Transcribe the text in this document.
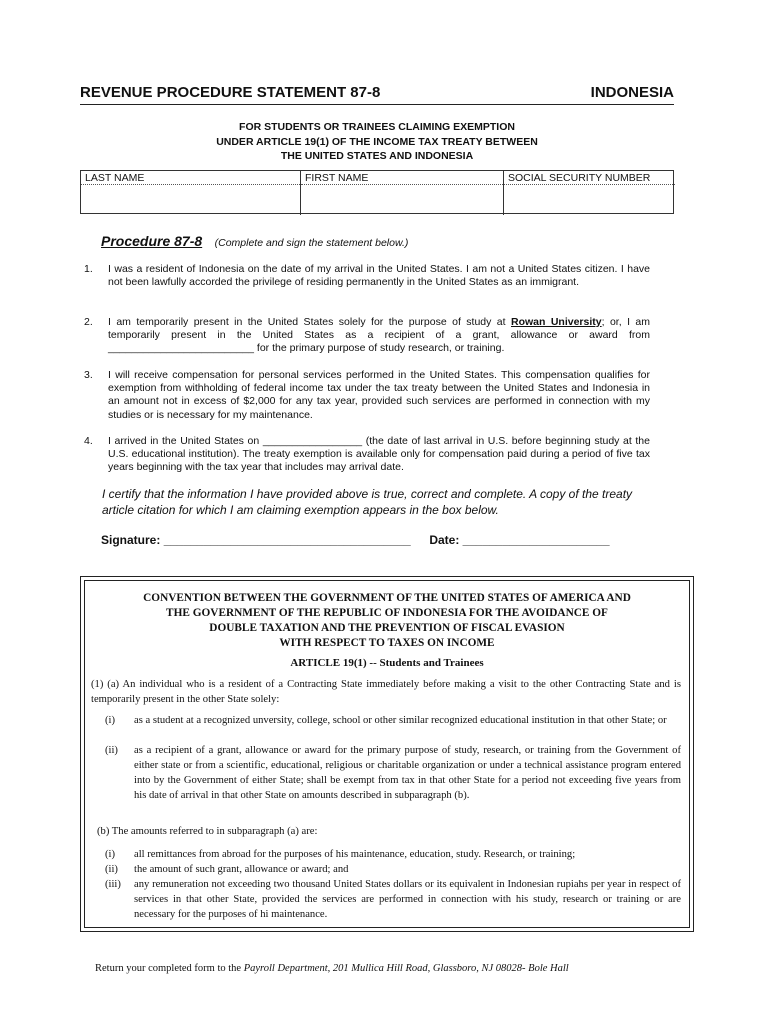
REVENUE PROCEDURE STATEMENT 87-8	INDONESIA
FOR STUDENTS OR TRAINEES CLAIMING EXEMPTION
UNDER ARTICLE 19(1) OF THE INCOME TAX TREATY BETWEEN
THE UNITED STATES AND INDONESIA
LAST NAME	FIRST NAME	SOCIAL SECURITY NUMBER
Procedure 87-8 (Complete and sign the statement below.)
1. I was a resident of Indonesia on the date of my arrival in the United States. I am not a United States citizen. I have not been lawfully accorded the privilege of residing permanently in the United States as an immigrant.
2. I am temporarily present in the United States solely for the purpose of study at Rowan University; or, I am temporarily present in the United States as a recipient of a grant, allowance or award from _________________________ for the primary purpose of study research, or training.
3. I will receive compensation for personal services performed in the United States. This compensation qualifies for exemption from withholding of federal income tax under the tax treaty between the United States and Indonesia in an amount not in excess of $2,000 for any tax year, provided such services are performed in connection with my studies or is necessary for my maintenance.
4. I arrived in the United States on _________________ (the date of last arrival in U.S. before beginning study at the U.S. educational institution). The treaty exemption is available only for compensation paid during a period of five tax years beginning with the tax year that includes may arrival date.
I certify that the information I have provided above is true, correct and complete. A copy of the treaty article citation for which I am claiming exemption appears in the box below.
Signature: _____________________________________ Date: ______________________
CONVENTION BETWEEN THE GOVERNMENT OF THE UNITED STATES OF AMERICA AND
THE GOVERNMENT OF THE REPUBLIC OF INDONESIA FOR THE AVOIDANCE OF
DOUBLE TAXATION AND THE PREVENTION OF FISCAL EVASION
WITH RESPECT TO TAXES ON INCOME
ARTICLE 19(1) -- Students and Trainees
(1) (a) An individual who is a resident of a Contracting State immediately before making a visit to the other Contracting State and is temporarily present in the other State solely:
(i) as a student at a recognized unversity, college, school or other similar recognized educational institution in that other State; or
(ii) as a recipient of a grant, allowance or award for the primary purpose of study, research, or training from the Government of either state or from a scientific, educational, religious or charitable organization or under a technical assistance program entered into by the Government of either State; shall be exempt from tax in that other State for a period not exceeding five years from his date of arrival in that other State on amounts described in subparagraph (b).
(b) The amounts referred to in subparagraph (a) are:
(i) all remittances from abroad for the purposes of his maintenance, education, study. Research, or training;
(ii) the amount of such grant, allowance or award; and
(iii) any remuneration not exceeding two thousand United States dollars or its equivalent in Indonesian rupiahs per year in respect of services in that other State, provided the services are performed in connection with his study, research or training or are necessary for the purposes of hi maintenance.
Return your completed form to the Payroll Department, 201 Mullica Hill Road, Glassboro, NJ 08028- Bole Hall
